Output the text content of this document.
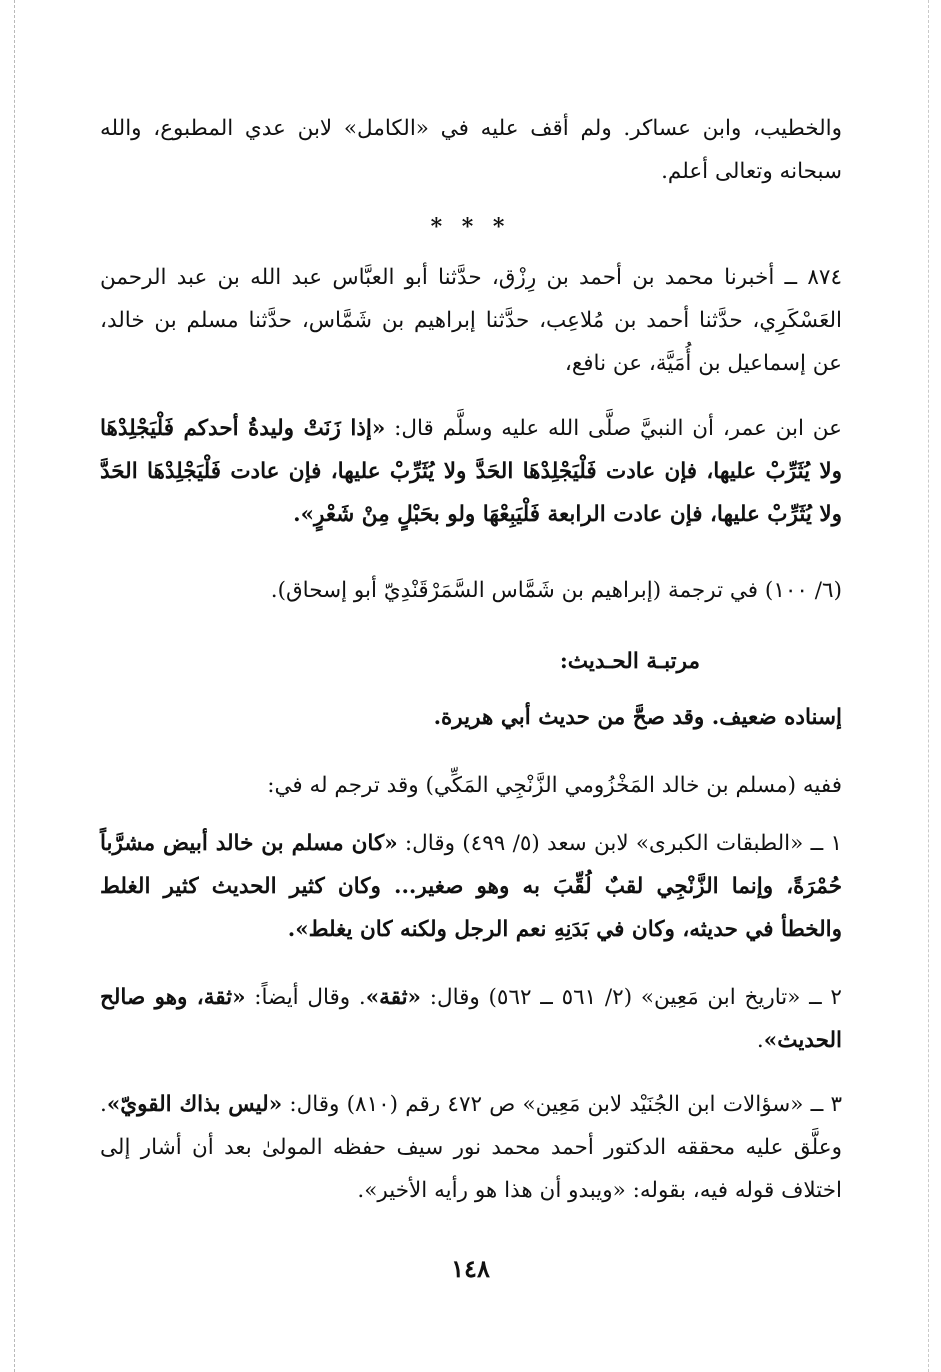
والخطيب، وابن عساكر. ولم أقف عليه في «الكامل» لابن عدي المطبوع، والله سبحانه وتعالى أعلم.

* * *

٨٧٤ ــ أخبرنا محمد بن أحمد بن رِزْق، حدَّثنا أبو العبَّاس عبد الله بن عبد الرحمن العَسْكَرِي، حدَّثنا أحمد بن مُلاعِب، حدَّثنا إبراهيم بن شَمَّاس، حدَّثنا مسلم بن خالد، عن إسماعيل بن أُمَيَّة، عن نافع،

عن ابن عمر، أن النبيَّ صلَّى الله عليه وسلَّم قال: «إذا زَنَتْ وليدةُ أحدكم فَلْيَجْلِدْهَا ولا يُثَرِّبْ عليها، فإن عادت فَلْيَجْلِدْهَا الحَدَّ ولا يُثَرِّبْ عليها، فإن عادت فَلْيَجْلِدْهَا الحَدَّ ولا يُثَرِّبْ عليها، فإن عادت الرابعة فَلْيَبِعْهَا ولو بحَبْلٍ مِنْ شَعْرٍ».

(٦/ ١٠٠) في ترجمة (إبراهيم بن شَمَّاس السَّمَرْقَنْدِيّ أبو إسحاق).

مرتبـة الحـديث:

إسناده ضعيف. وقد صحَّ من حديث أبي هريرة.

ففيه (مسلم بن خالد المَخْزُومي الزَّنْجِي المَكِّي) وقد ترجم له في:

١ ــ «الطبقات الكبرى» لابن سعد (٥/ ٤٩٩) وقال: «كان مسلم بن خالد أبيض مشرَّباً حُمْرَةً، وإنما الزَّنْجِي لقبٌ لُقِّبَ به وهو صغير... وكان كثير الحديث كثير الغلط والخطأ في حديثه، وكان في بَدَنِهِ نعم الرجل ولكنه كان يغلط».

٢ ــ «تاريخ ابن مَعِين» (٢/ ٥٦١ ــ ٥٦٢) وقال: «ثقة». وقال أيضاً: «ثقة، وهو صالح الحديث».

٣ ــ «سؤالات ابن الجُنَيْد لابن مَعِين» ص ٤٧٢ رقم (٨١٠) وقال: «ليس بذاك القويّ». وعلَّق عليه محققه الدكتور أحمد محمد نور سيف حفظه المولىٰ بعد أن أشار إلى اختلاف قوله فيه، بقوله: «ويبدو أن هذا هو رأيه الأخير».

١٤٨
